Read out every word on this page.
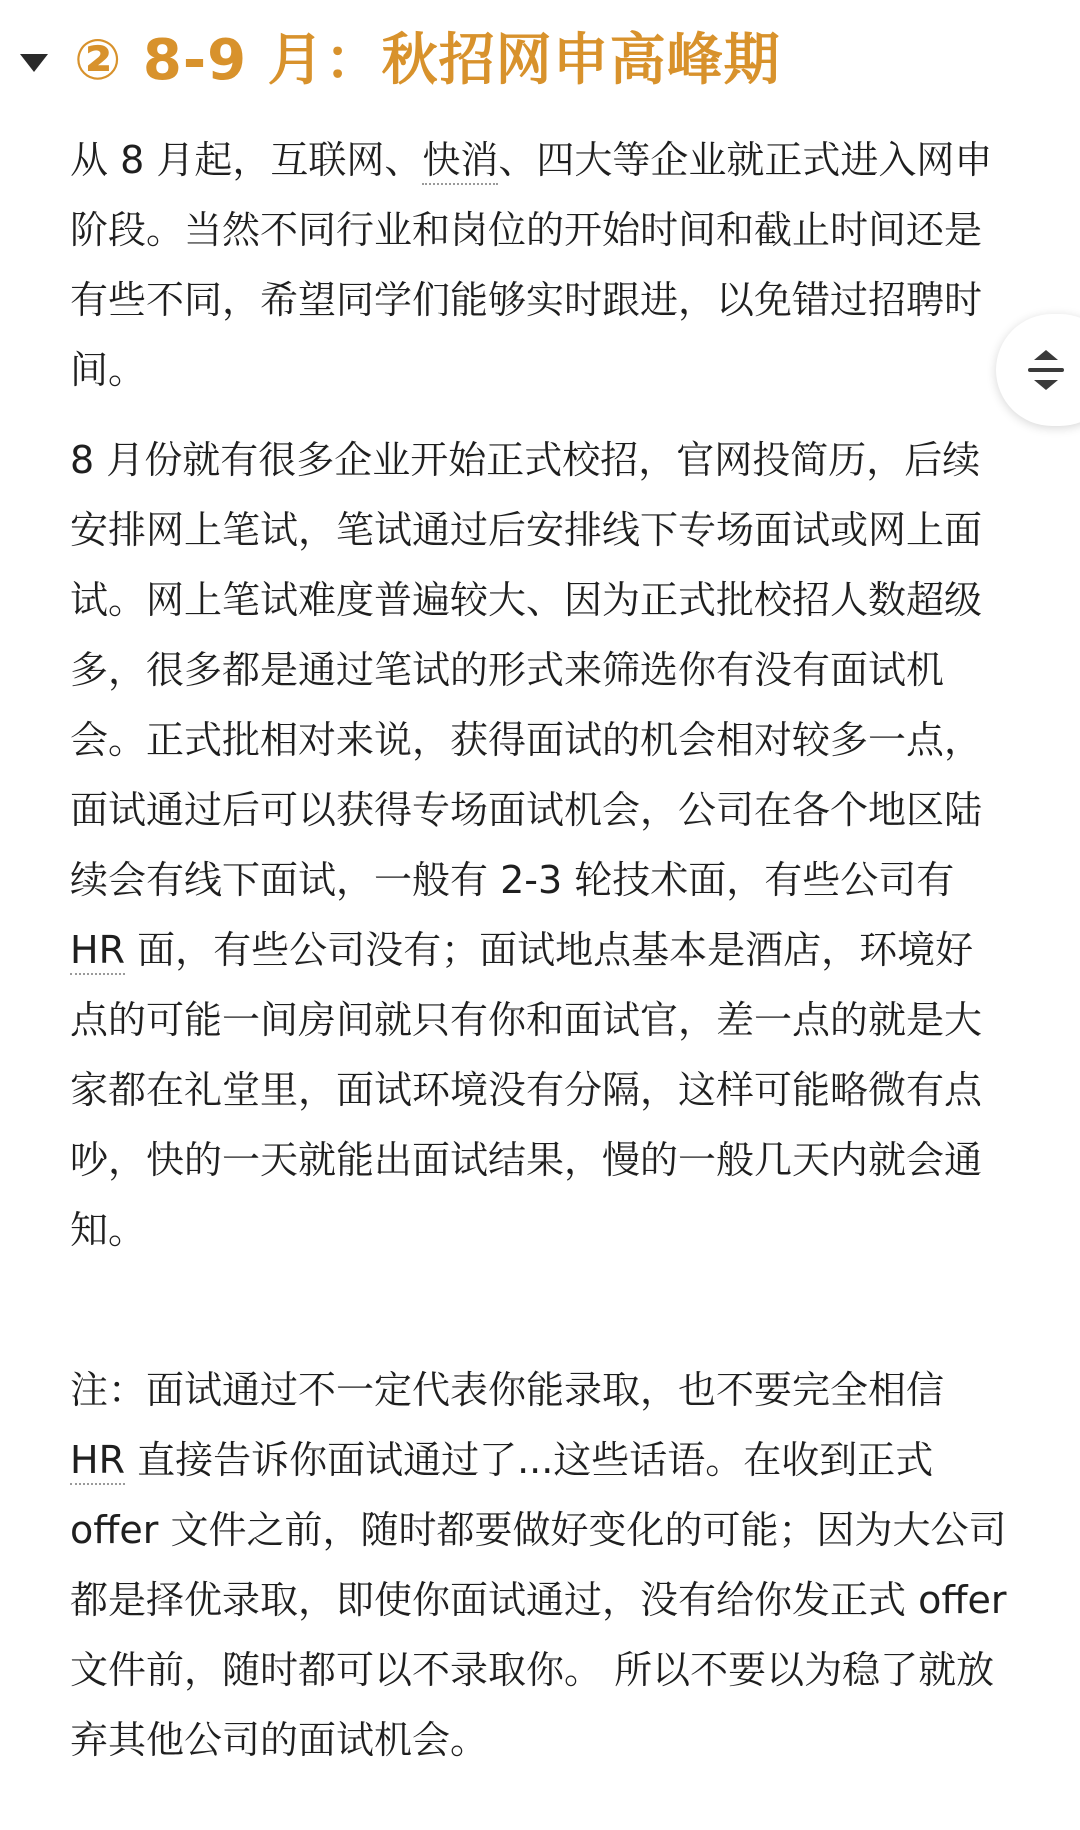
② 8-9 月：秋招网申高峰期

从 8 月起，互联网、快消、四大等企业就正式进入网申阶段。当然不同行业和岗位的开始时间和截止时间还是有些不同，希望同学们能够实时跟进，以免错过招聘时间。

8 月份就有很多企业开始正式校招，官网投简历，后续安排网上笔试，笔试通过后安排线下专场面试或网上面试。网上笔试难度普遍较大、因为正式批校招人数超级多，很多都是通过笔试的形式来筛选你有没有面试机会。正式批相对来说，获得面试的机会相对较多一点，面试通过后可以获得专场面试机会，公司在各个地区陆续会有线下面试，一般有 2-3 轮技术面，有些公司有 HR 面，有些公司没有；面试地点基本是酒店，环境好点的可能一间房间就只有你和面试官，差一点的就是大家都在礼堂里，面试环境没有分隔，这样可能略微有点吵，快的一天就能出面试结果，慢的一般几天内就会通知。

注：面试通过不一定代表你能录取，也不要完全相信 HR 直接告诉你面试通过了...这些话语。在收到正式 offer 文件之前，随时都要做好变化的可能；因为大公司都是择优录取，即使你面试通过，没有给你发正式 offer文件前，随时都可以不录取你。 所以不要以为稳了就放弃其他公司的面试机会。
